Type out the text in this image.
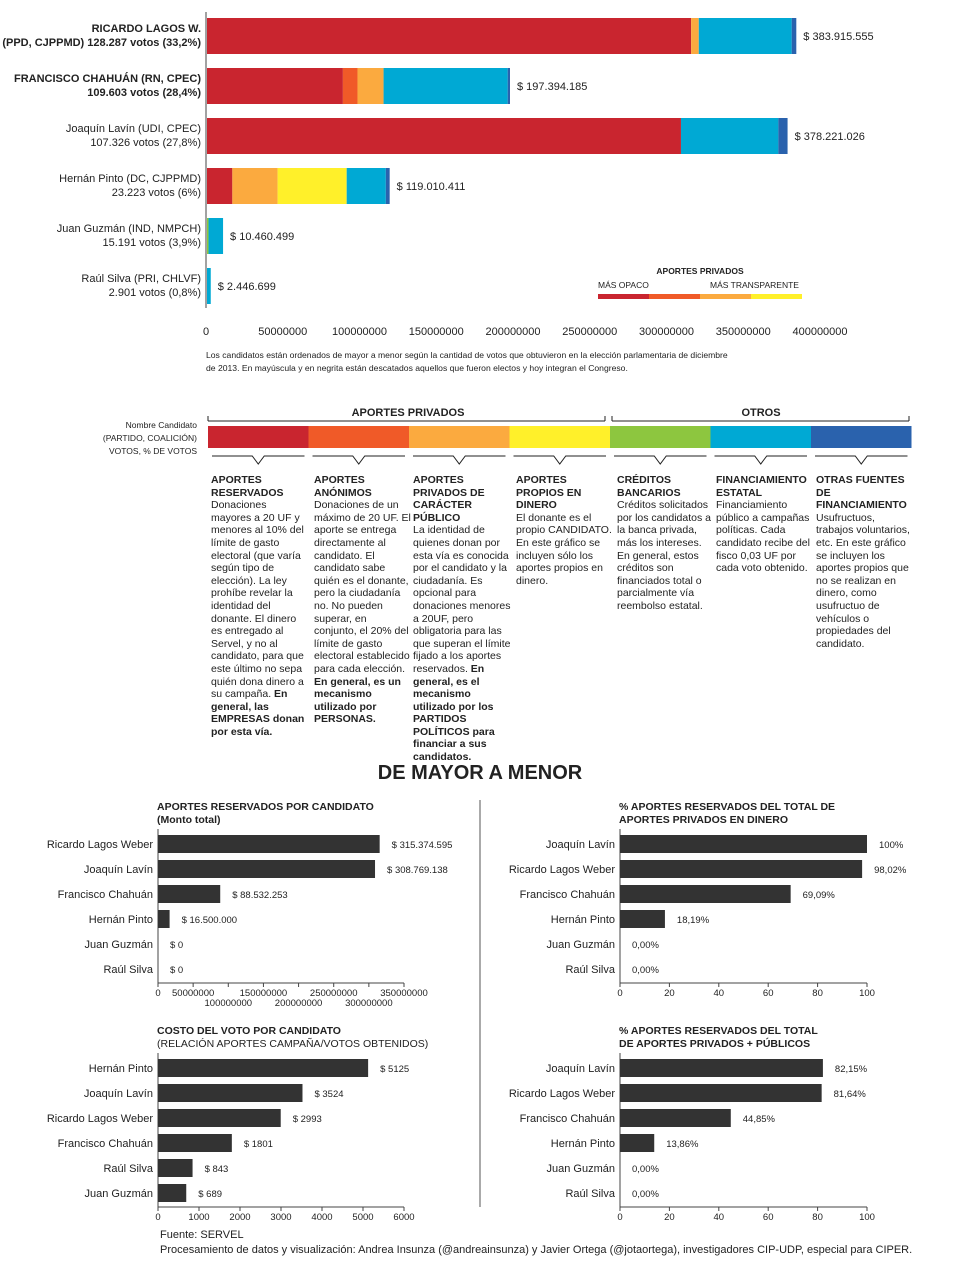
$ 383.915.555
RICARDO LAGOS W.
(PPD, CJPPMD) 128.287 votos (33,2%)
$ 197.394.185
FRANCISCO CHAHUÁN (RN, CPEC)
109.603 votos (28,4%)
$ 378.221.026
Joaquín Lavín (UDI, CPEC)
107.326 votos (27,8%)
$ 119.010.411
Hernán Pinto (DC, CJPPMD)
23.223 votos (6%)
$ 10.460.499
Juan Guzmán (IND, NMPCH)
15.191 votos (3,9%)
$ 2.446.699
Raúl Silva (PRI, CHLVF)
2.901 votos (0,8%)
0	50000000 100000000 150000000 200000000 250000000 300000000 350000000 400000000
APORTES PRIVADOS
MÁS OPACO	MÁS TRANSPARENTE
Los candidatos están ordenados de mayor a menor según la cantidad de votos que obtuvieron en la elección parlamentaria de diciembre
de 2013. En mayúscula y en negrita están descatados aquellos que fueron electos y hoy integran el Congreso.
Nombre Candidato
(PARTIDO, COALICIÓN)
VOTOS, % DE VOTOS
APORTES PRIVADOS	OTROS
APORTES RESERVADOS
Donaciones mayores a 20 UF y menores al 10% del límite de gasto electoral (que varía según tipo de elección). La ley prohíbe revelar la identidad del donante. El dinero es entregado al Servel, y no al candidato, para que este último no sepa quién dona dinero a su campaña. En general, las EMPRESAS donan por esta vía.
APORTES ANÓNIMOS
Donaciones de un máximo de 20 UF. El aporte se entrega directamente al candidato. El candidato sabe quién es el donante, pero la ciudadanía no. No pueden superar, en conjunto, el 20% del límite de gasto electoral establecido para cada elección. En general, es un mecanismo utilizado por PERSONAS.
APORTES PRIVADOS DE CARÁCTER PÚBLICO
La identidad de quienes donan por esta vía es conocida por el candidato y la ciudadanía. Es opcional para donaciones menores a 20UF, pero obligatoria para las que superan el límite fijado a los aportes reservados. En general, es el mecanismo utilizado por los PARTIDOS POLÍTICOS para financiar a sus candidatos.
APORTES PROPIOS EN DINERO
El donante es el propio CANDIDATO. En este gráfico se incluyen sólo los aportes propios en dinero.
CRÉDITOS BANCARIOS
Créditos solicitados por los candidatos a la banca privada, más los intereses. En general, estos créditos son financiados total o parcialmente vía reembolso estatal.
FINANCIAMIENTO ESTATAL
Financiamiento público a campañas políticas. Cada candidato recibe del fisco 0,03 UF por cada voto obtenido.
OTRAS FUENTES DE FINANCIAMIENTO
Usufructuos, trabajos voluntarios, etc. En este gráfico se incluyen los aportes propios que no se realizan en dinero, como usufructuo de vehículos o propiedades del candidato.
DE MAYOR A MENOR
APORTES RESERVADOS POR CANDIDATO
(Monto total)
Ricardo Lagos Weber	$ 315.374.595
Joaquín Lavín	$ 308.769.138
Francisco Chahuán	$ 88.532.253
Hernán Pinto	$ 16.500.000
Juan Guzmán $ 0
Raúl Silva $ 0
0 50000000
100000000
150000000
200000000
250000000
300000000
350000000
% APORTES RESERVADOS DEL TOTAL DE
APORTES PRIVADOS EN DINERO
Joaquín Lavín	100%
Ricardo Lagos Weber	98,02%
Francisco Chahuán	69,09%
Hernán Pinto	18,19%
Juan Guzmán 0,00%
Raúl Silva 0,00%
0	20	40	60	80	100
COSTO DEL VOTO POR CANDIDATO
(RELACIÓN APORTES CAMPAÑA/VOTOS OBTENIDOS)
Hernán Pinto	$ 5125
Joaquín Lavín	$ 3524
Ricardo Lagos Weber	$ 2993
Francisco Chahuán	$ 1801
Raúl Silva	$ 843
Juan Guzmán	$ 689
0	1000 2000 3000 4000 5000 6000
% APORTES RESERVADOS DEL TOTAL
DE APORTES PRIVADOS + PÚBLICOS
Joaquín Lavín	82,15%
Ricardo Lagos Weber	81,64%
Francisco Chahuán	44,85%
Hernán Pinto	13,86%
Juan Guzmán 0,00%
Raúl Silva 0,00%
0	20	40	60	80	100
Fuente: SERVEL
Procesamiento de datos y visualización: Andrea Insunza (@andreainsunza) y Javier Ortega (@jotaortega), investigadores CIP-UDP, especial para CIPER.
